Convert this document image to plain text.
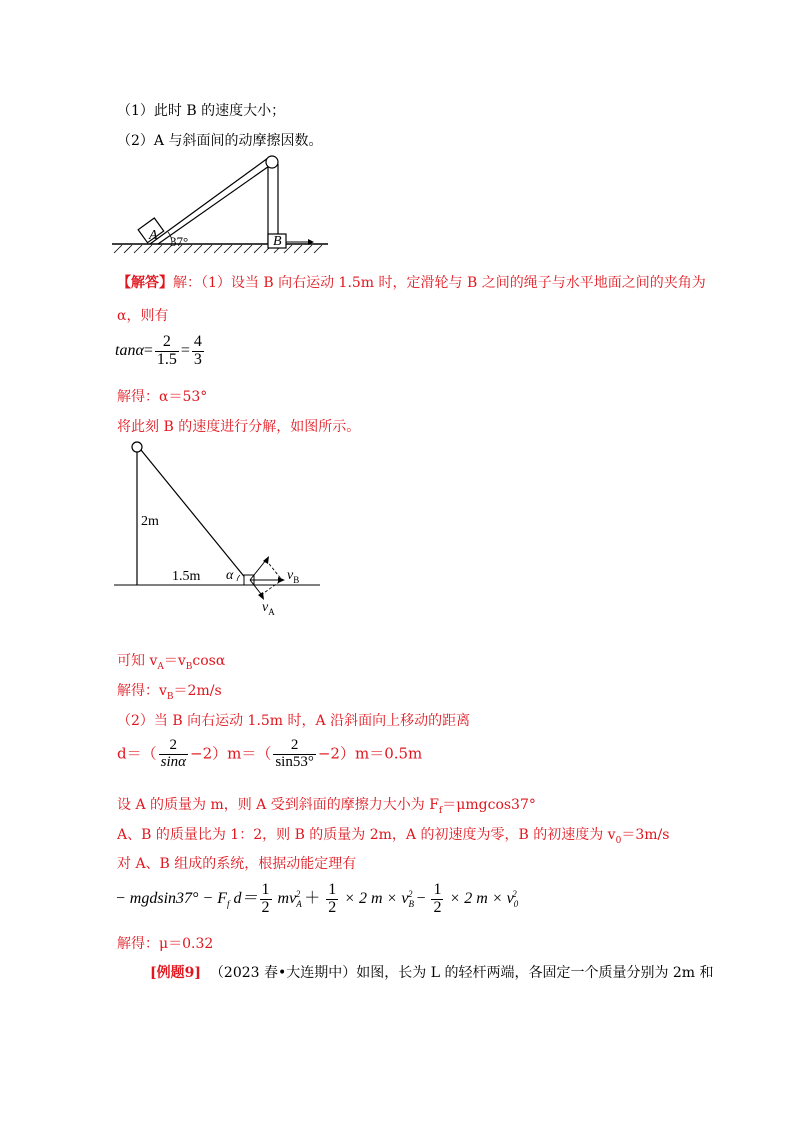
（1）此时 B 的速度大小；
（2）A 与斜面间的动摩擦因数。
A 37°	B
【解答】解：（1）设当 B 向右运动 1.5m 时，定滑轮与 B 之间的绳子与水平地面之间的夹角为
α，则有
$\tan\alpha= \frac{2}{1.5} = \frac{4}{3}$
解得：α＝53°
将此刻 B 的速度进行分解，如图所示。
2m
1.5m α	$v_B$
$v_A$
可知 $v_A=v_B\cos\alpha$
解得：$v_B=2m/s$
（2）当 B 向右运动 1.5m 时，A 沿斜面向上移动的距离
$d=( \frac{2}{\sin\alpha} -2)m=( \frac{2}{\sin 53^\circ} -2)m=0.5m$
设 A 的质量为 m，则 A 受到斜面的摩擦力大小为 $F_f=\mu mgcos37^\circ$
A、B 的质量比为 1：2，则 B 的质量为 2m，A 的初速度为零，B 的初速度为 $v_0=3m/s$
对 A、B 组成的系统，根据动能定理有
− $mgdsin37^\circ - F_f$ $d= \frac{1}{2} mv_A^2 + \frac{1}{2} \times 2$ $m \times v_B^2 - \frac{1}{2} \times 2$ $m \times v_0^2$
解得：μ＝0.32
[例题9] （2023 春•大连期中）如图，长为 L 的轻杆两端，各固定一个质量分别为 2m 和
